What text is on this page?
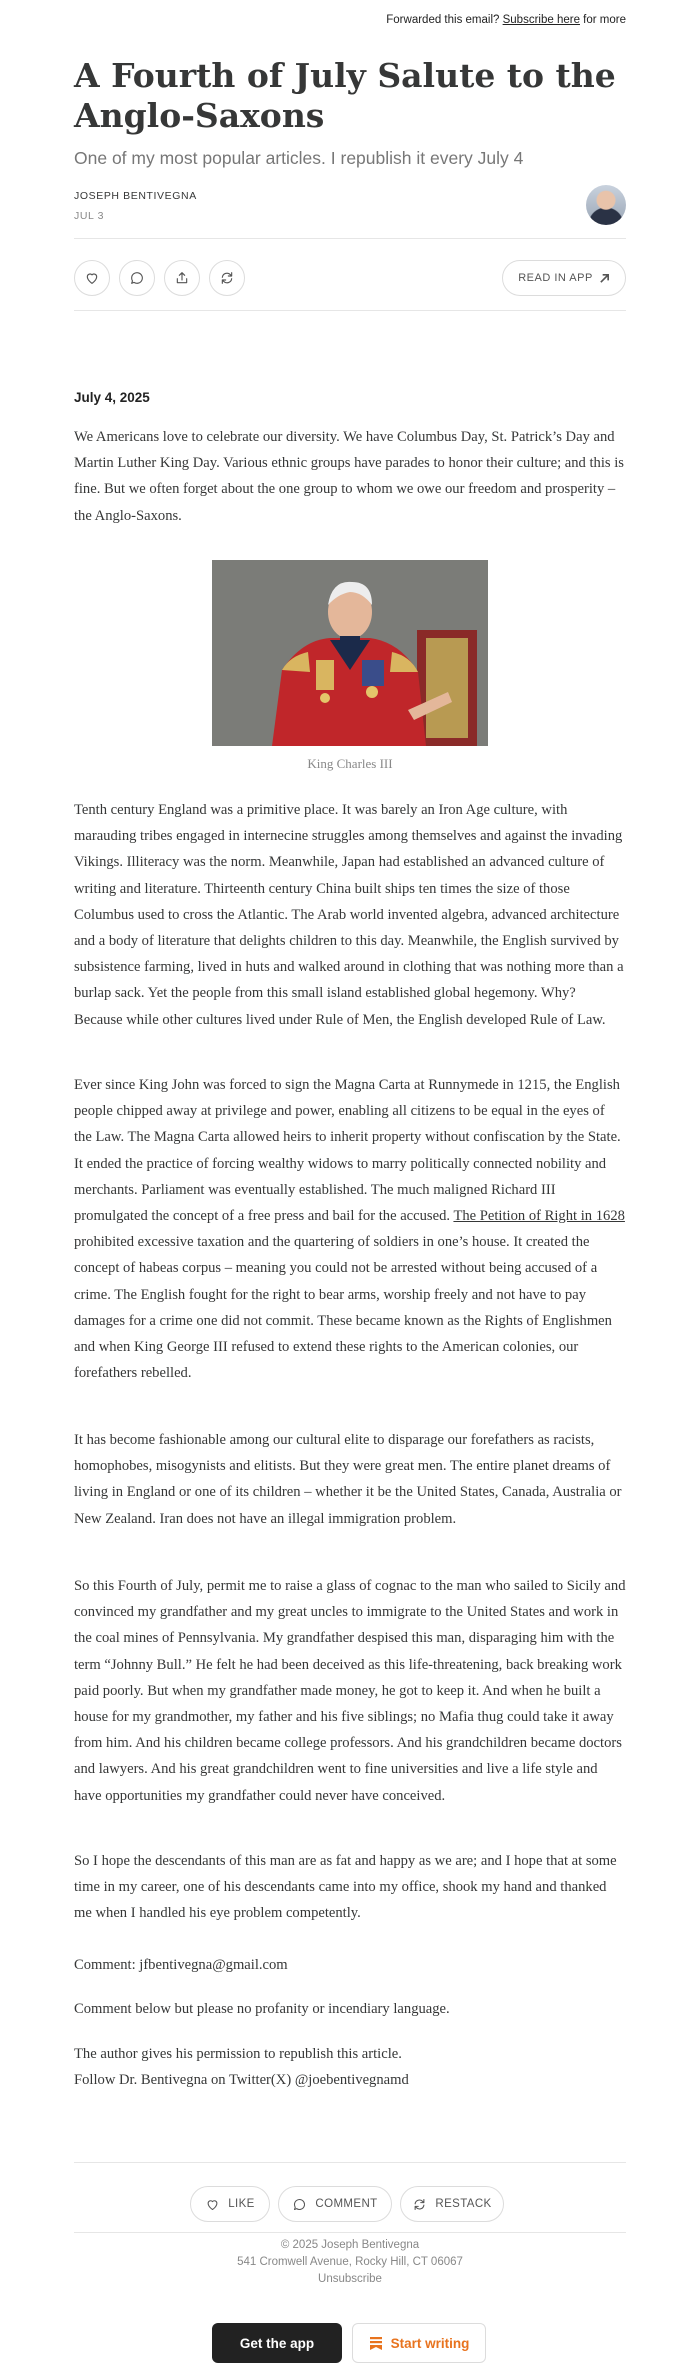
Forwarded this email? Subscribe here for more
A Fourth of July Salute to the Anglo-Saxons

One of my most popular articles. I republish it every July 4

JOSEPH BENTIVEGNA
JUL 3
READ IN APP
July 4, 2025

We Americans love to celebrate our diversity. We have Columbus Day, St. Patrick’s Day and Martin Luther King Day. Various ethnic groups have parades to honor their culture; and this is fine. But we often forget about the one group to whom we owe our freedom and prosperity – the Anglo-Saxons.

King Charles III

Tenth century England was a primitive place. It was barely an Iron Age culture, with marauding tribes engaged in internecine struggles among themselves and against the invading Vikings. Illiteracy was the norm. Meanwhile, Japan had established an advanced culture of writing and literature. Thirteenth century China built ships ten times the size of those Columbus used to cross the Atlantic. The Arab world invented algebra, advanced architecture and a body of literature that delights children to this day. Meanwhile, the English survived by subsistence farming, lived in huts and walked around in clothing that was nothing more than a burlap sack. Yet the people from this small island established global hegemony. Why? Because while other cultures lived under Rule of Men, the English developed Rule of Law.

Ever since King John was forced to sign the Magna Carta at Runnymede in 1215, the English people chipped away at privilege and power, enabling all citizens to be equal in the eyes of the Law. The Magna Carta allowed heirs to inherit property without confiscation by the State. It ended the practice of forcing wealthy widows to marry politically connected nobility and merchants. Parliament was eventually established. The much maligned Richard III promulgated the concept of a free press and bail for the accused. The Petition of Right in 1628 prohibited excessive taxation and the quartering of soldiers in one’s house. It created the concept of habeas corpus – meaning you could not be arrested without being accused of a crime. The English fought for the right to bear arms, worship freely and not have to pay damages for a crime one did not commit. These became known as the Rights of Englishmen and when King George III refused to extend these rights to the American colonies, our forefathers rebelled.

It has become fashionable among our cultural elite to disparage our forefathers as racists, homophobes, misogynists and elitists. But they were great men. The entire planet dreams of living in England or one of its children – whether it be the United States, Canada, Australia or New Zealand. Iran does not have an illegal immigration problem.

So this Fourth of July, permit me to raise a glass of cognac to the man who sailed to Sicily and convinced my grandfather and my great uncles to immigrate to the United States and work in the coal mines of Pennsylvania. My grandfather despised this man, disparaging him with the term “Johnny Bull.” He felt he had been deceived as this life-threatening, back breaking work paid poorly. But when my grandfather made money, he got to keep it. And when he built a house for my grandmother, my father and his five siblings; no Mafia thug could take it away from him. And his children became college professors. And his grandchildren became doctors and lawyers. And his great grandchildren went to fine universities and live a life style and have opportunities my grandfather could never have conceived.

So I hope the descendants of this man are as fat and happy as we are; and I hope that at some time in my career, one of his descendants came into my office, shook my hand and thanked me when I handled his eye problem competently.

Comment: jfbentivegna@gmail.com

Comment below but please no profanity or incendiary language.

The author gives his permission to republish this article.

Follow Dr. Bentivegna on Twitter(X) @joebentivegnamd

LIKE	COMMENT	RESTACK
© 2025 Joseph Bentivegna
541 Cromwell Avenue, Rocky Hill, CT 06067
Unsubscribe
Get the app	Start writing
